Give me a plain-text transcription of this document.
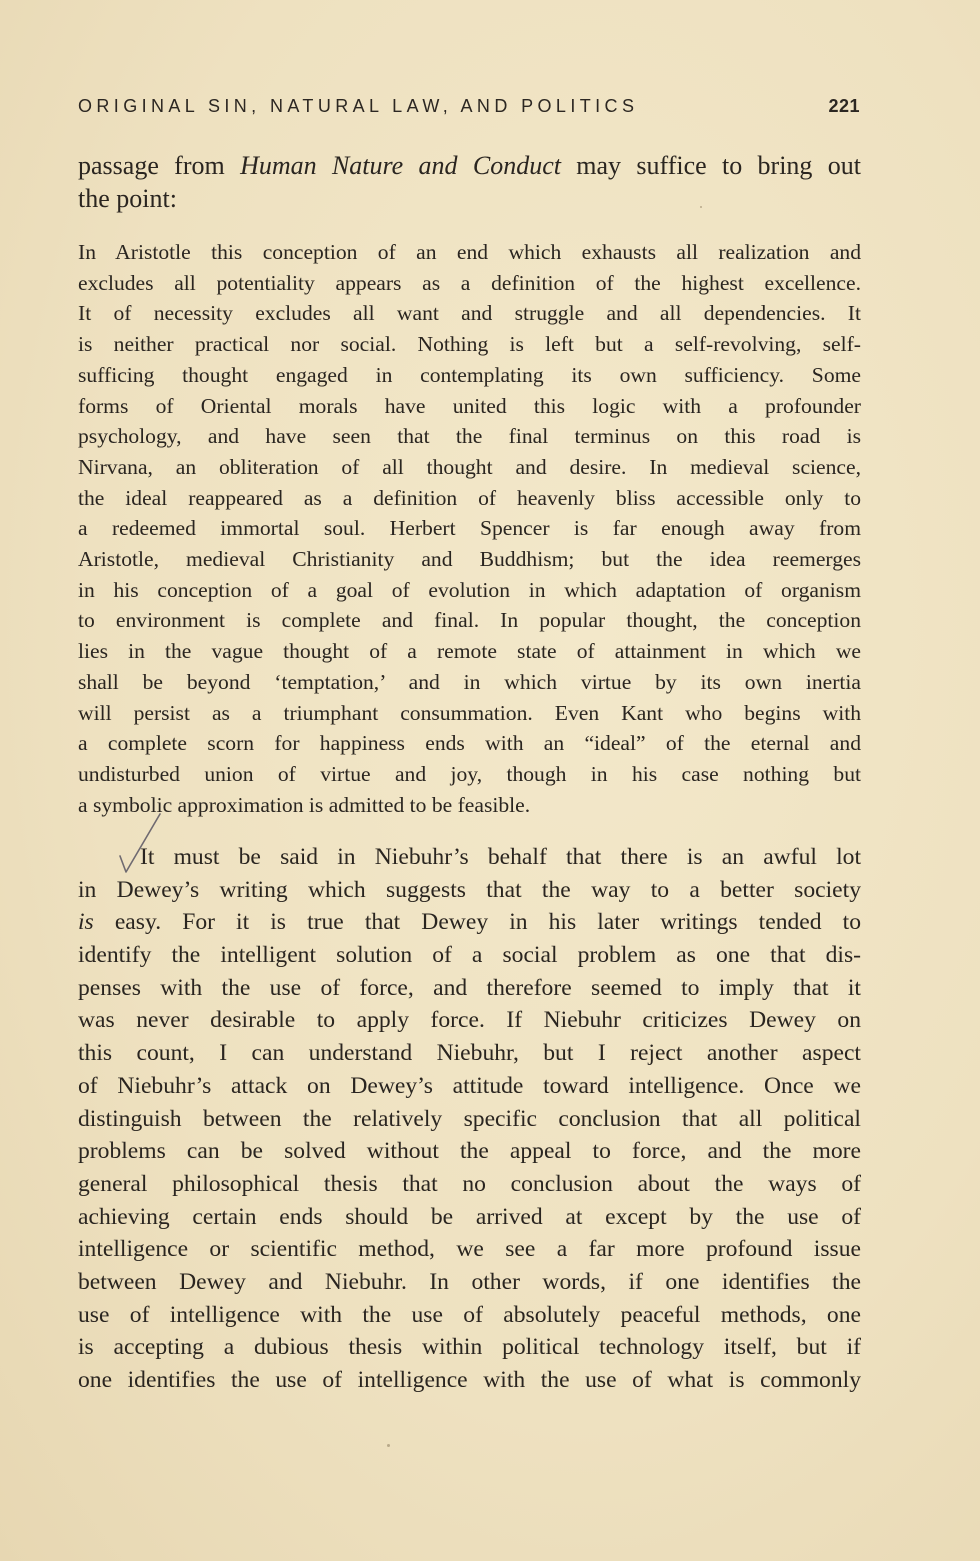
ORIGINAL SIN, NATURAL LAW, AND POLITICS	221
passage from Human Nature and Conduct may suffice to bring out
the point:
In Aristotle this conception of an end which exhausts all realization and
excludes all potentiality appears as a definition of the highest excellence.
It of necessity excludes all want and struggle and all dependencies. It
is neither practical nor social. Nothing is left but a self-revolving, self-
sufficing thought engaged in contemplating its own sufficiency. Some
forms of Oriental morals have united this logic with a profounder
psychology, and have seen that the final terminus on this road is
Nirvana, an obliteration of all thought and desire. In medieval science,
the ideal reappeared as a definition of heavenly bliss accessible only to
a redeemed immortal soul. Herbert Spencer is far enough away from
Aristotle, medieval Christianity and Buddhism; but the idea reemerges
in his conception of a goal of evolution in which adaptation of organism
to environment is complete and final. In popular thought, the conception
lies in the vague thought of a remote state of attainment in which we
shall be beyond ‘temptation,’ and in which virtue by its own inertia
will persist as a triumphant consummation. Even Kant who begins with
a complete scorn for happiness ends with an “ideal” of the eternal and
undisturbed union of virtue and joy, though in his case nothing but
a symbolic approximation is admitted to be feasible.
It must be said in Niebuhr’s behalf that there is an awful lot
in Dewey’s writing which suggests that the way to a better society
is easy. For it is true that Dewey in his later writings tended to
identify the intelligent solution of a social problem as one that dis-
penses with the use of force, and therefore seemed to imply that it
was never desirable to apply force. If Niebuhr criticizes Dewey on
this count, I can understand Niebuhr, but I reject another aspect
of Niebuhr’s attack on Dewey’s attitude toward intelligence. Once we
distinguish between the relatively specific conclusion that all political
problems can be solved without the appeal to force, and the more
general philosophical thesis that no conclusion about the ways of
achieving certain ends should be arrived at except by the use of
intelligence or scientific method, we see a far more profound issue
between Dewey and Niebuhr. In other words, if one identifies the
use of intelligence with the use of absolutely peaceful methods, one
is accepting a dubious thesis within political technology itself, but if
one identifies the use of intelligence with the use of what is commonly
